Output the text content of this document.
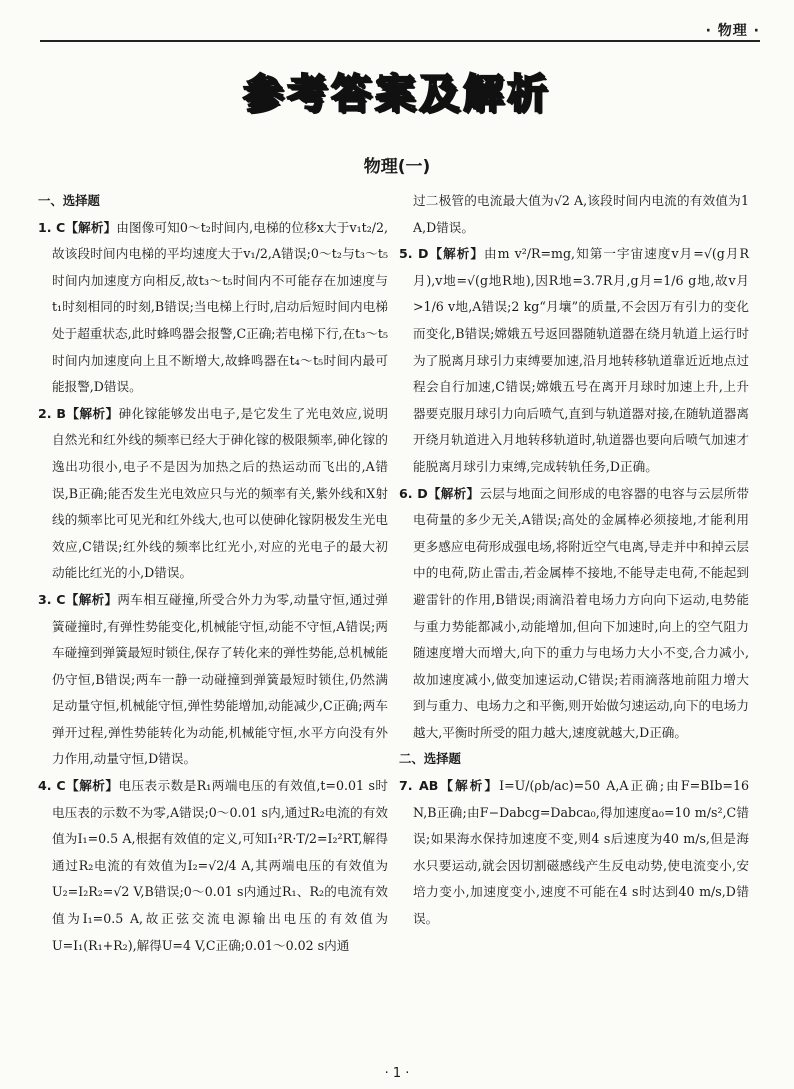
· 物理 ·
参考答案及解析
物理(一)
一、选择题

1. C【解析】由图像可知0～t₂时间内,电梯的位移x大于v₁t₂/2,故该段时间内电梯的平均速度大于v₁/2,A错误;0～t₂与t₃～t₅时间内加速度方向相反,故t₃～t₅时间内不可能存在加速度与t₁时刻相同的时刻,B错误;当电梯上行时,启动后短时间内电梯处于超重状态,此时蜂鸣器会报警,C正确;若电梯下行,在t₃～t₅时间内加速度向上且不断增大,故蜂鸣器在t₄～t₅时间内最可能报警,D错误。

2. B【解析】砷化镓能够发出电子,是它发生了光电效应,说明自然光和红外线的频率已经大于砷化镓的极限频率,砷化镓的逸出功很小,电子不是因为加热之后的热运动而飞出的,A错误,B正确;能否发生光电效应只与光的频率有关,紫外线和X射线的频率比可见光和红外线大,也可以使砷化镓阴极发生光电效应,C错误;红外线的频率比红光小,对应的光电子的最大初动能比红光的小,D错误。

3. C【解析】两车相互碰撞,所受合外力为零,动量守恒,通过弹簧碰撞时,有弹性势能变化,机械能守恒,动能不守恒,A错误;两车碰撞到弹簧最短时锁住,保存了转化来的弹性势能,总机械能仍守恒,B错误;两车一静一动碰撞到弹簧最短时锁住,仍然满足动量守恒,机械能守恒,弹性势能增加,动能减少,C正确;两车弹开过程,弹性势能转化为动能,机械能守恒,水平方向没有外力作用,动量守恒,D错误。

4. C【解析】电压表示数是R₁两端电压的有效值,t=0.01 s时电压表的示数不为零,A错误;0～0.01 s内,通过R₂电流的有效值为I₁=0.5 A,根据有效值的定义,可知I₁²R·T/2=I₂²RT,解得通过R₂电流的有效值为I₂=√2/4 A,其两端电压的有效值为U₂=I₂R₂=√2 V,B错误;0～0.01 s内通过R₁、R₂的电流有效值为I₁=0.5 A,故正弦交流电源输出电压的有效值为U=I₁(R₁+R₂),解得U=4 V,C正确;0.01～0.02 s内通

过二极管的电流最大值为√2 A,该段时间内电流的有效值为1 A,D错误。

5. D【解析】由m v²/R=mg,知第一宇宙速度v月=√(g月R月),v地=√(g地R地),因R地=3.7R月,g月=1/6 g地,故v月>1/6 v地,A错误;2 kg“月壤”的质量,不会因万有引力的变化而变化,B错误;嫦娥五号返回器随轨道器在绕月轨道上运行时为了脱离月球引力束缚要加速,沿月地转移轨道靠近近地点过程会自行加速,C错误;嫦娥五号在离开月球时加速上升,上升器要克服月球引力向后喷气,直到与轨道器对接,在随轨道器离开绕月轨道进入月地转移轨道时,轨道器也要向后喷气加速才能脱离月球引力束缚,完成转轨任务,D正确。

6. D【解析】云层与地面之间形成的电容器的电容与云层所带电荷量的多少无关,A错误;高处的金属棒必须接地,才能利用更多感应电荷形成强电场,将附近空气电离,导走并中和掉云层中的电荷,防止雷击,若金属棒不接地,不能导走电荷,不能起到避雷针的作用,B错误;雨滴沿着电场力方向向下运动,电势能与重力势能都减小,动能增加,但向下加速时,向上的空气阻力随速度增大而增大,向下的重力与电场力大小不变,合力减小,故加速度减小,做变加速运动,C错误;若雨滴落地前阻力增大到与重力、电场力之和平衡,则开始做匀速运动,向下的电场力越大,平衡时所受的阻力越大,速度就越大,D正确。

二、选择题

7. AB【解析】I=U/(ρb/ac)=50 A,A正确;由F=BIb=16 N,B正确;由F−Dabcg=Dabca₀,得加速度a₀=10 m/s²,C错误;如果海水保持加速度不变,则4 s后速度为40 m/s,但是海水只要运动,就会因切割磁感线产生反电动势,使电流变小,安培力变小,加速度变小,速度不可能在4 s时达到40 m/s,D错误。

· 1 ·
